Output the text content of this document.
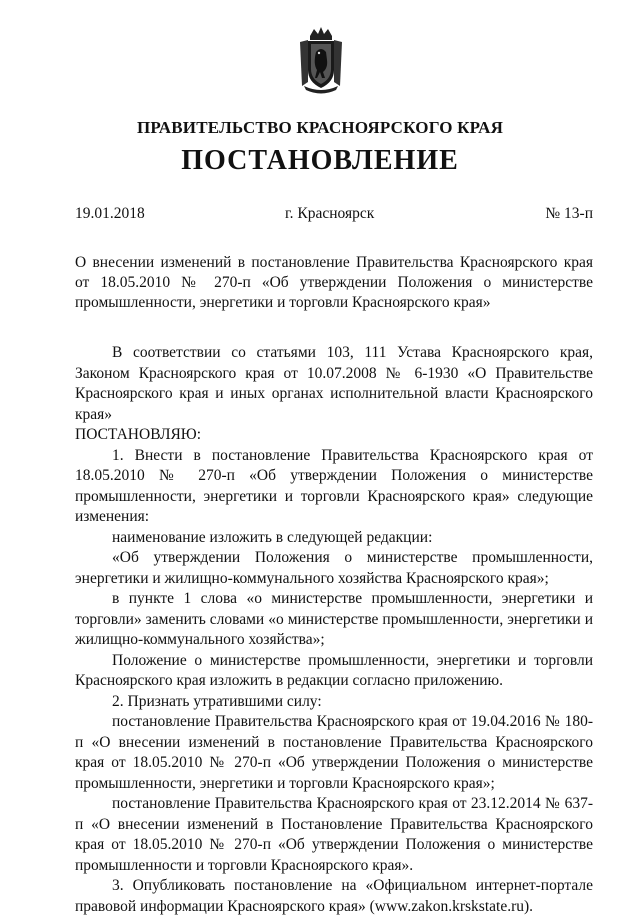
ПРАВИТЕЛЬСТВО КРАСНОЯРСКОГО КРАЯ
ПОСТАНОВЛЕНИЕ
19.01.2018	г. Красноярск	№ 13-п
О внесении изменений в постановление Правительства Красноярского края от 18.05.2010 № 270-п «Об утверждении Положения о министерстве промышленности, энергетики и торговли Красноярского края»

В соответствии со статьями 103, 111 Устава Красноярского края, Законом Красноярского края от 10.07.2008 № 6-1930 «О Правительстве Красноярского края и иных органах исполнительной власти Красноярского края»

ПОСТАНОВЛЯЮ:

1. Внести в постановление Правительства Красноярского края от 18.05.2010 № 270-п «Об утверждении Положения о министерстве промышленности, энергетики и торговли Красноярского края» следующие изменения:

наименование изложить в следующей редакции:

«Об утверждении Положения о министерстве промышленности, энергетики и жилищно-коммунального хозяйства Красноярского края»;

в пункте 1 слова «о министерстве промышленности, энергетики и торговли» заменить словами «о министерстве промышленности, энергетики и жилищно-коммунального хозяйства»;

Положение о министерстве промышленности, энергетики и торговли Красноярского края изложить в редакции согласно приложению.

2. Признать утратившими силу:

постановление Правительства Красноярского края от 19.04.2016 № 180-п «О внесении изменений в постановление Правительства Красноярского края от 18.05.2010 № 270-п «Об утверждении Положения о министерстве промышленности, энергетики и торговли Красноярского края»;

постановление Правительства Красноярского края от 23.12.2014 № 637-п «О внесении изменений в Постановление Правительства Красноярского края от 18.05.2010 № 270-п «Об утверждении Положения о министерстве промышленности и торговли Красноярского края».

3. Опубликовать постановление на «Официальном интернет-портале правовой информации Красноярского края» (www.zakon.krskstate.ru).
